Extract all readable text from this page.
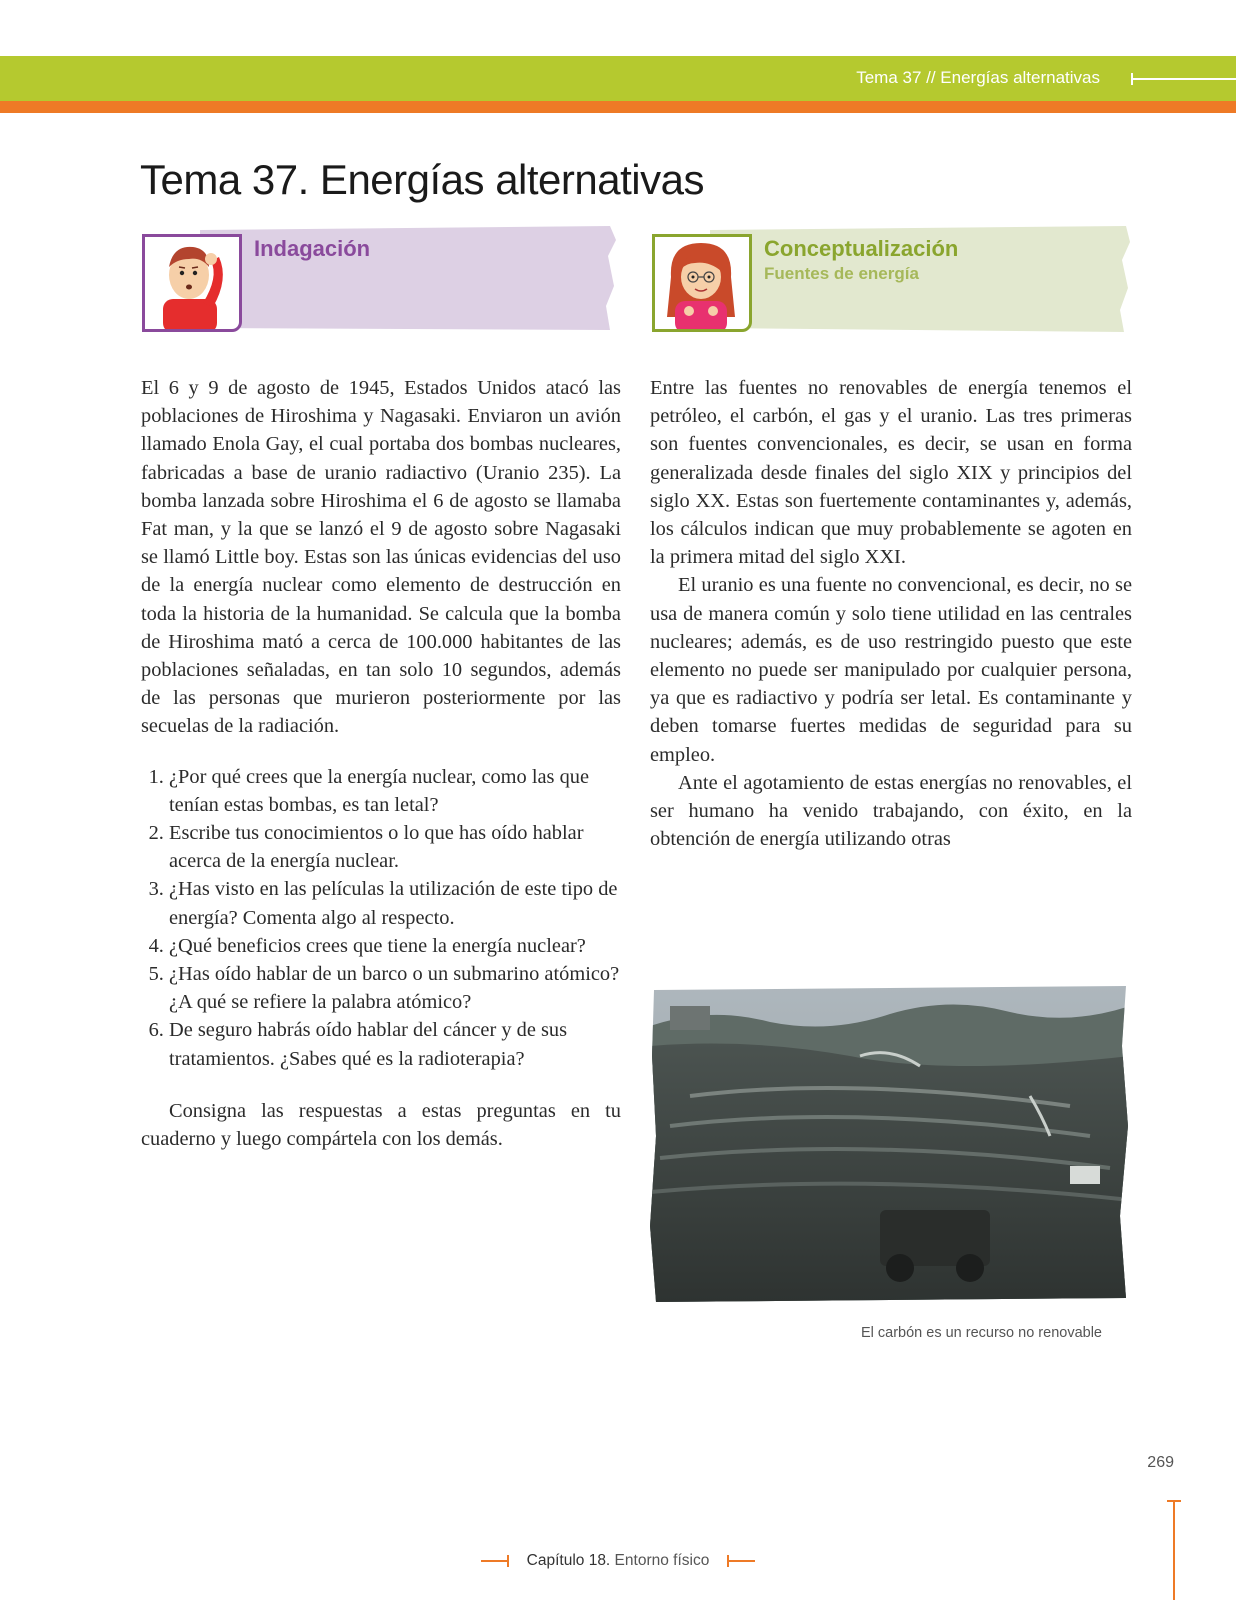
Tema 37 // Energías alternativas
Tema 37. Energías alternativas
Indagación	Conceptualización
Fuentes de energía

El 6 y 9 de agosto de 1945, Estados Unidos atacó las poblaciones de Hiroshima y Nagasaki. Enviaron un avión llamado Enola Gay, el cual portaba dos bombas nucleares, fabricadas a base de uranio radiactivo (Uranio 235). La bomba lanzada sobre Hiroshima el 6 de agosto se llamaba Fat man, y la que se lanzó el 9 de agosto sobre Nagasaki se llamó Little boy. Estas son las únicas evidencias del uso de la energía nuclear como elemento de destrucción en toda la historia de la humanidad. Se calcula que la bomba de Hiroshima mató a cerca de 100.000 habitantes de las poblaciones señaladas, en tan solo 10 segundos, además de las personas que murieron posteriormente por las secuelas de la radiación.

1. ¿Por qué crees que la energía nuclear, como las que tenían estas bombas, es tan letal?
2. Escribe tus conocimientos o lo que has oído hablar acerca de la energía nuclear.
3. ¿Has visto en las películas la utilización de este tipo de energía? Comenta algo al respecto.
4. ¿Qué beneficios crees que tiene la energía nuclear?
5. ¿Has oído hablar de un barco o un submarino atómico? ¿A qué se refiere la palabra atómico?
6. De seguro habrás oído hablar del cáncer y de sus tratamientos. ¿Sabes qué es la radioterapia?

Consigna las respuestas a estas preguntas en tu cuaderno y luego compártela con los demás.

Entre las fuentes no renovables de energía tenemos el petróleo, el carbón, el gas y el uranio. Las tres primeras son fuentes convencionales, es decir, se usan en forma generalizada desde finales del siglo XIX y principios del siglo XX. Estas son fuertemente contaminantes y, además, los cálculos indican que muy probablemente se agoten en la primera mitad del siglo XXI.

El uranio es una fuente no convencional, es decir, no se usa de manera común y solo tiene utilidad en las centrales nucleares; además, es de uso restringido puesto que este elemento no puede ser manipulado por cualquier persona, ya que es radiactivo y podría ser letal. Es contaminante y deben tomarse fuertes medidas de seguridad para su empleo.

Ante el agotamiento de estas energías no renovables, el ser humano ha venido trabajando, con éxito, en la obtención de energía utilizando otras

El carbón es un recurso no renovable
269
Capítulo 18. Entorno físico
